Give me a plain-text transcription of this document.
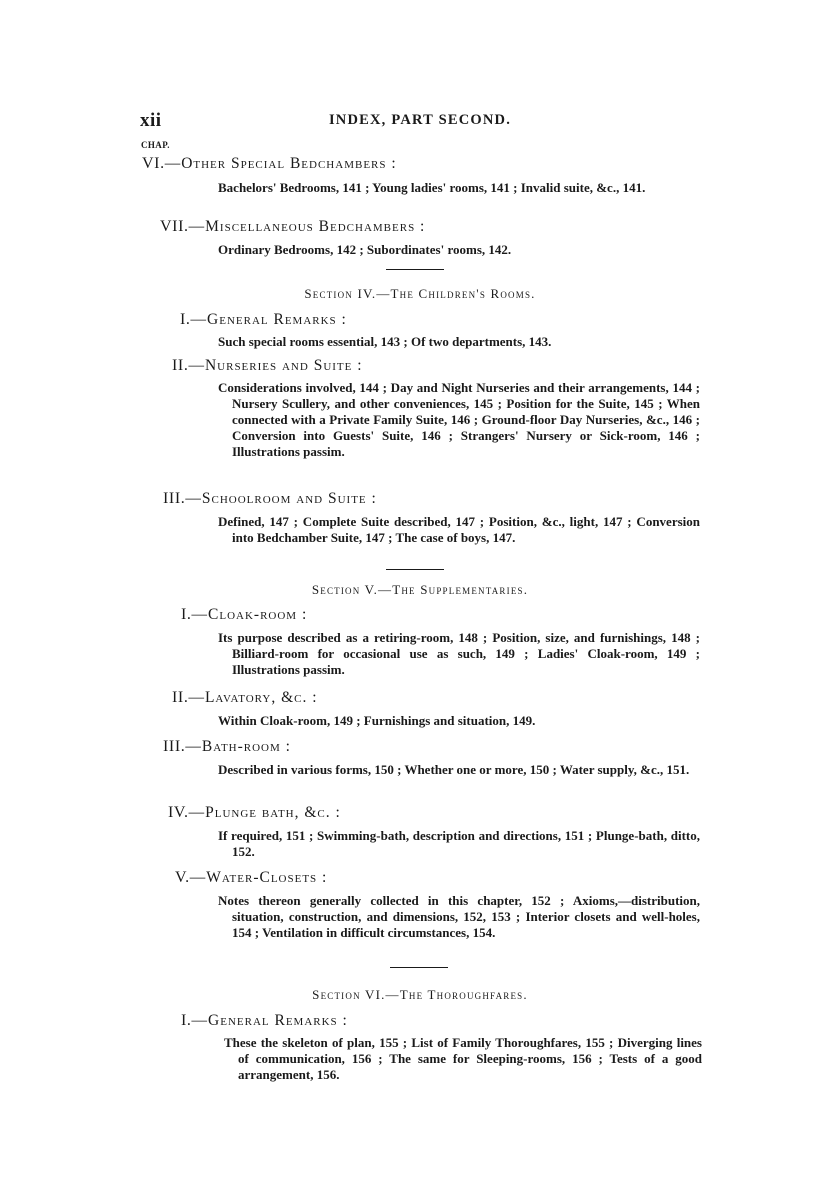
xii	INDEX, PART SECOND.
CHAP.
VI.—Other Special Bedchambers :
Bachelors' Bedrooms, 141 ; Young ladies' rooms, 141 ; Invalid suite, &c., 141.
VII.—Miscellaneous Bedchambers :
Ordinary Bedrooms, 142 ; Subordinates' rooms, 142.
Section IV.—The Children's Rooms.
I.—General Remarks :
Such special rooms essential, 143 ; Of two departments, 143.
II.—Nurseries and Suite :
Considerations involved, 144 ; Day and Night Nurseries and their arrangements, 144 ; Nursery Scullery, and other conveniences, 145 ; Position for the Suite, 145 ; When connected with a Private Family Suite, 146 ; Ground-floor Day Nurseries, &c., 146 ; Conversion into Guests' Suite, 146 ; Strangers' Nursery or Sick-room, 146 ; Illustrations passim.
III.—Schoolroom and Suite :
Defined, 147 ; Complete Suite described, 147 ; Position, &c., light, 147 ; Conversion into Bedchamber Suite, 147 ; The case of boys, 147.
Section V.—The Supplementaries.
I.—Cloak-room :
Its purpose described as a retiring-room, 148 ; Position, size, and furnishings, 148 ; Billiard-room for occasional use as such, 149 ; Ladies' Cloak-room, 149 ; Illustrations passim.
II.—Lavatory, &c. :
Within Cloak-room, 149 ; Furnishings and situation, 149.
III.—Bath-room :
Described in various forms, 150 ; Whether one or more, 150 ; Water supply, &c., 151.
IV.—Plunge bath, &c. :
If required, 151 ; Swimming-bath, description and directions, 151 ; Plunge-bath, ditto, 152.
V.—Water-Closets :
Notes thereon generally collected in this chapter, 152 ; Axioms,—distribution, situation, construction, and dimensions, 152, 153 ; Interior closets and well-holes, 154 ; Ventilation in difficult circumstances, 154.
Section VI.—The Thoroughfares.
I.—General Remarks :
These the skeleton of plan, 155 ; List of Family Thoroughfares, 155 ; Diverging lines of communication, 156 ; The same for Sleeping-rooms, 156 ; Tests of a good arrangement, 156.
